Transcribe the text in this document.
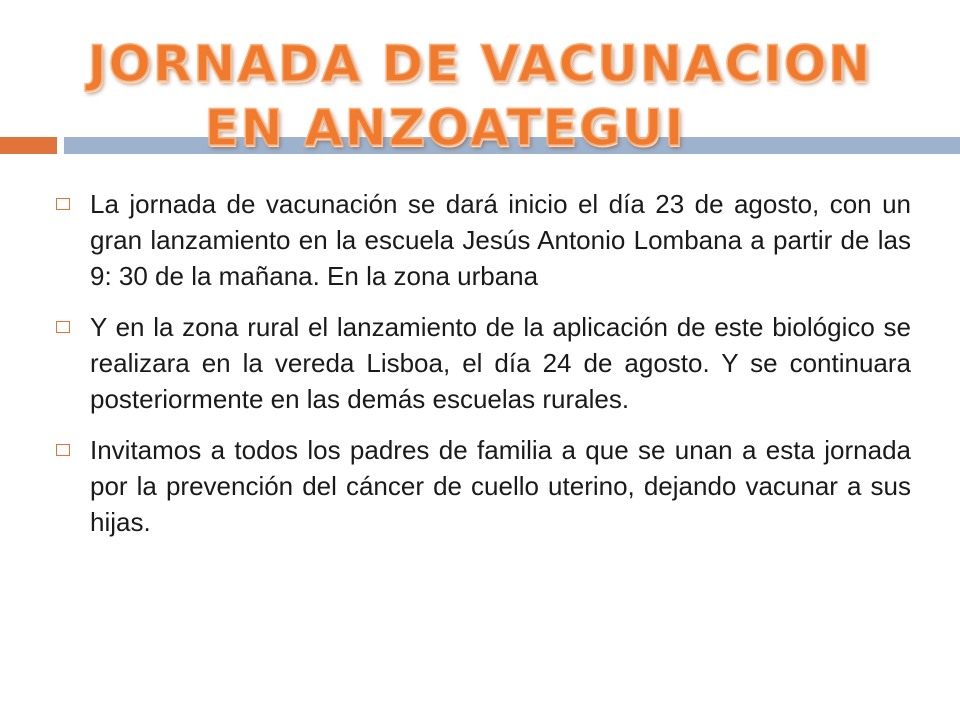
JORNADA DE VACUNACION
EN ANZOATEGUI
La jornada de vacunación se dará inicio el día 23 de agosto, con un gran lanzamiento en la escuela Jesús Antonio Lombana a partir de las 9: 30 de la mañana. En la zona urbana
Y en la zona rural el lanzamiento de la aplicación de este biológico se realizara en la vereda Lisboa, el día 24 de agosto. Y se continuara posteriormente en las demás escuelas rurales.
Invitamos a todos los padres de familia a que se unan a esta jornada por la prevención del cáncer de cuello uterino, dejando vacunar a sus hijas.
